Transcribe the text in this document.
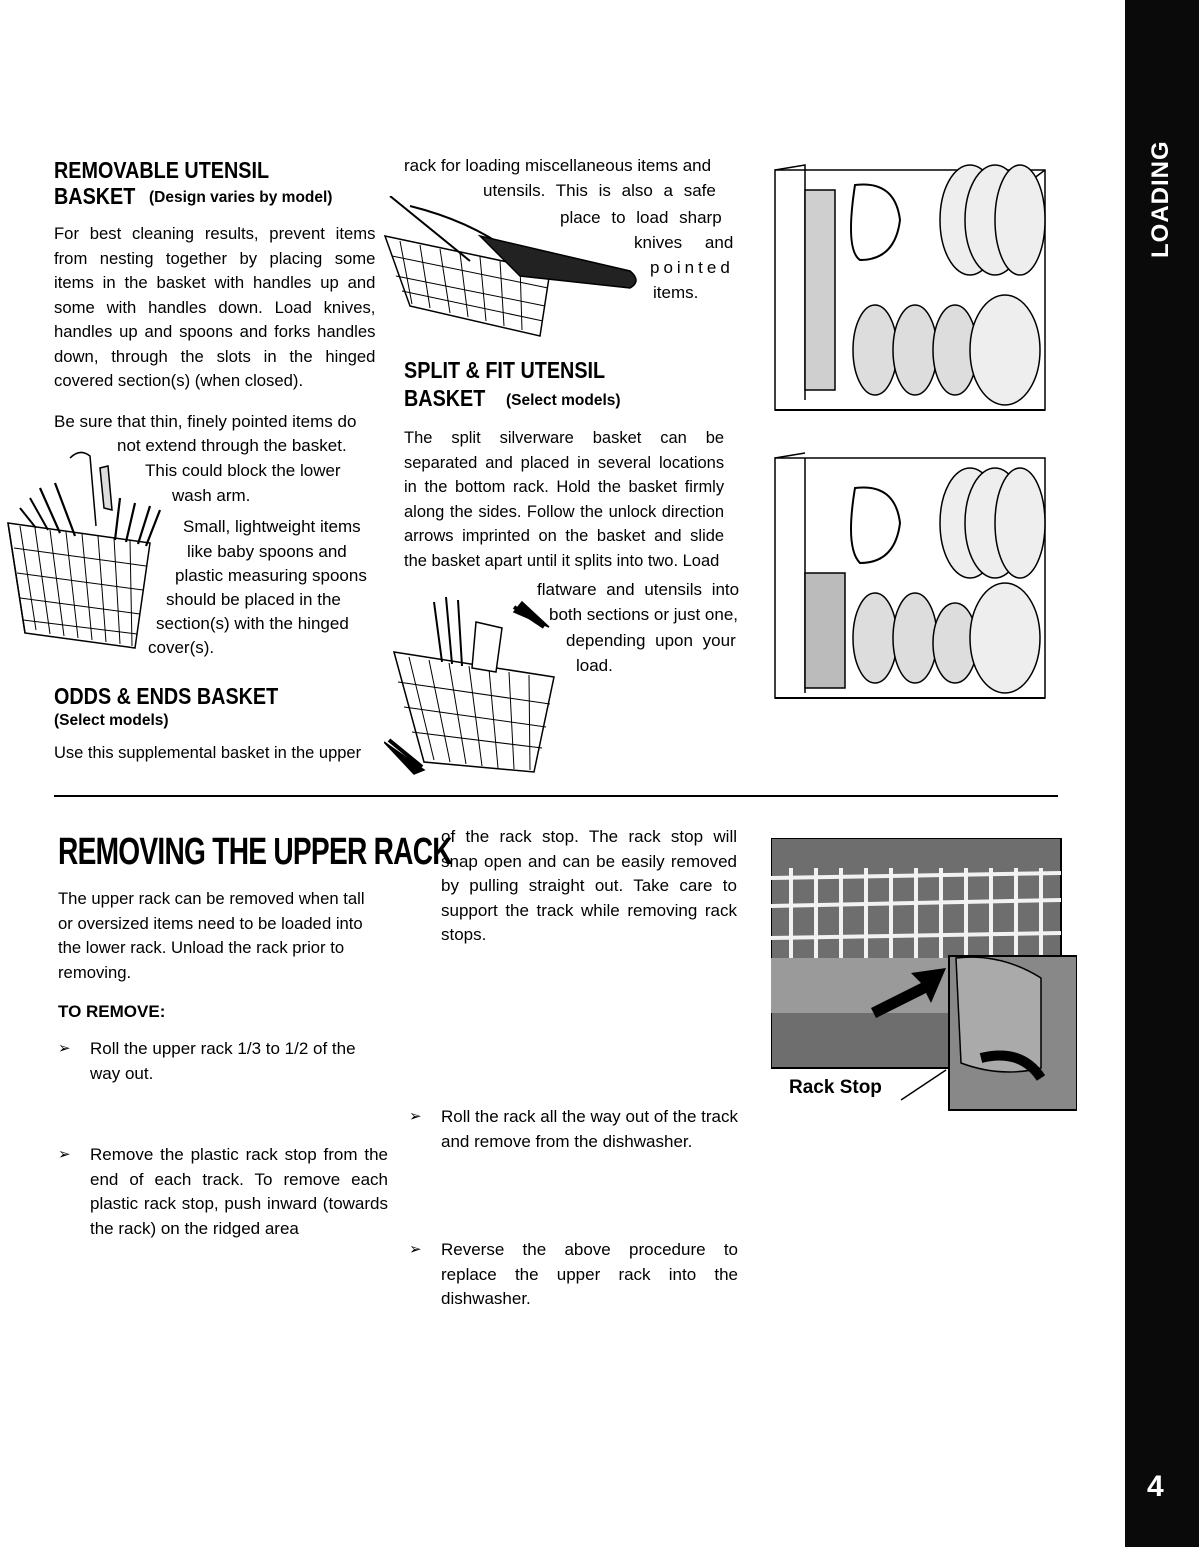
LOADING
4
REMOVABLE UTENSIL
BASKET (Design varies by model)

For best cleaning results, prevent items from nesting together by placing some items in the basket with handles up and some with handles down. Load knives, handles up and spoons and forks handles down, through the slots in the hinged covered section(s) (when closed).

Be sure that thin, finely pointed items do
not extend through the basket.
This could block the lower
wash arm.
Small, lightweight items
like baby spoons and
plastic measuring spoons
should be placed in the
section(s) with the hinged
cover(s).
ODDS & ENDS BASKET
(Select models)
Use this supplemental basket in the upper
rack for loading miscellaneous items and
utensils. This is also a safe
place to load sharp
knives and
pointed
items.
SPLIT & FIT UTENSIL
BASKET (Select models)

The split silverware basket can be separated and placed in several locations in the bottom rack. Hold the basket firmly along the sides. Follow the unlock direction arrows imprinted on the basket and slide the basket apart until it splits into two. Load

flatware and utensils into
both sections or just one,
depending upon your
load.
REMOVING THE UPPER RACK

The upper rack can be removed when tall or oversized items need to be loaded into the lower rack. Unload the rack prior to removing.

TO REMOVE:
➢ Roll the upper rack 1/3 to 1/2 of the way out.
➢ Remove the plastic rack stop from the end of each track. To remove each plastic rack stop, push inward (towards the rack) on the ridged area

of the rack stop. The rack stop will snap open and can be easily removed by pulling straight out. Take care to support the track while removing rack stops.

➢ Roll the rack all the way out of the track and remove from the dishwasher.
➢ Reverse the above procedure to replace the upper rack into the dishwasher.
Rack Stop
